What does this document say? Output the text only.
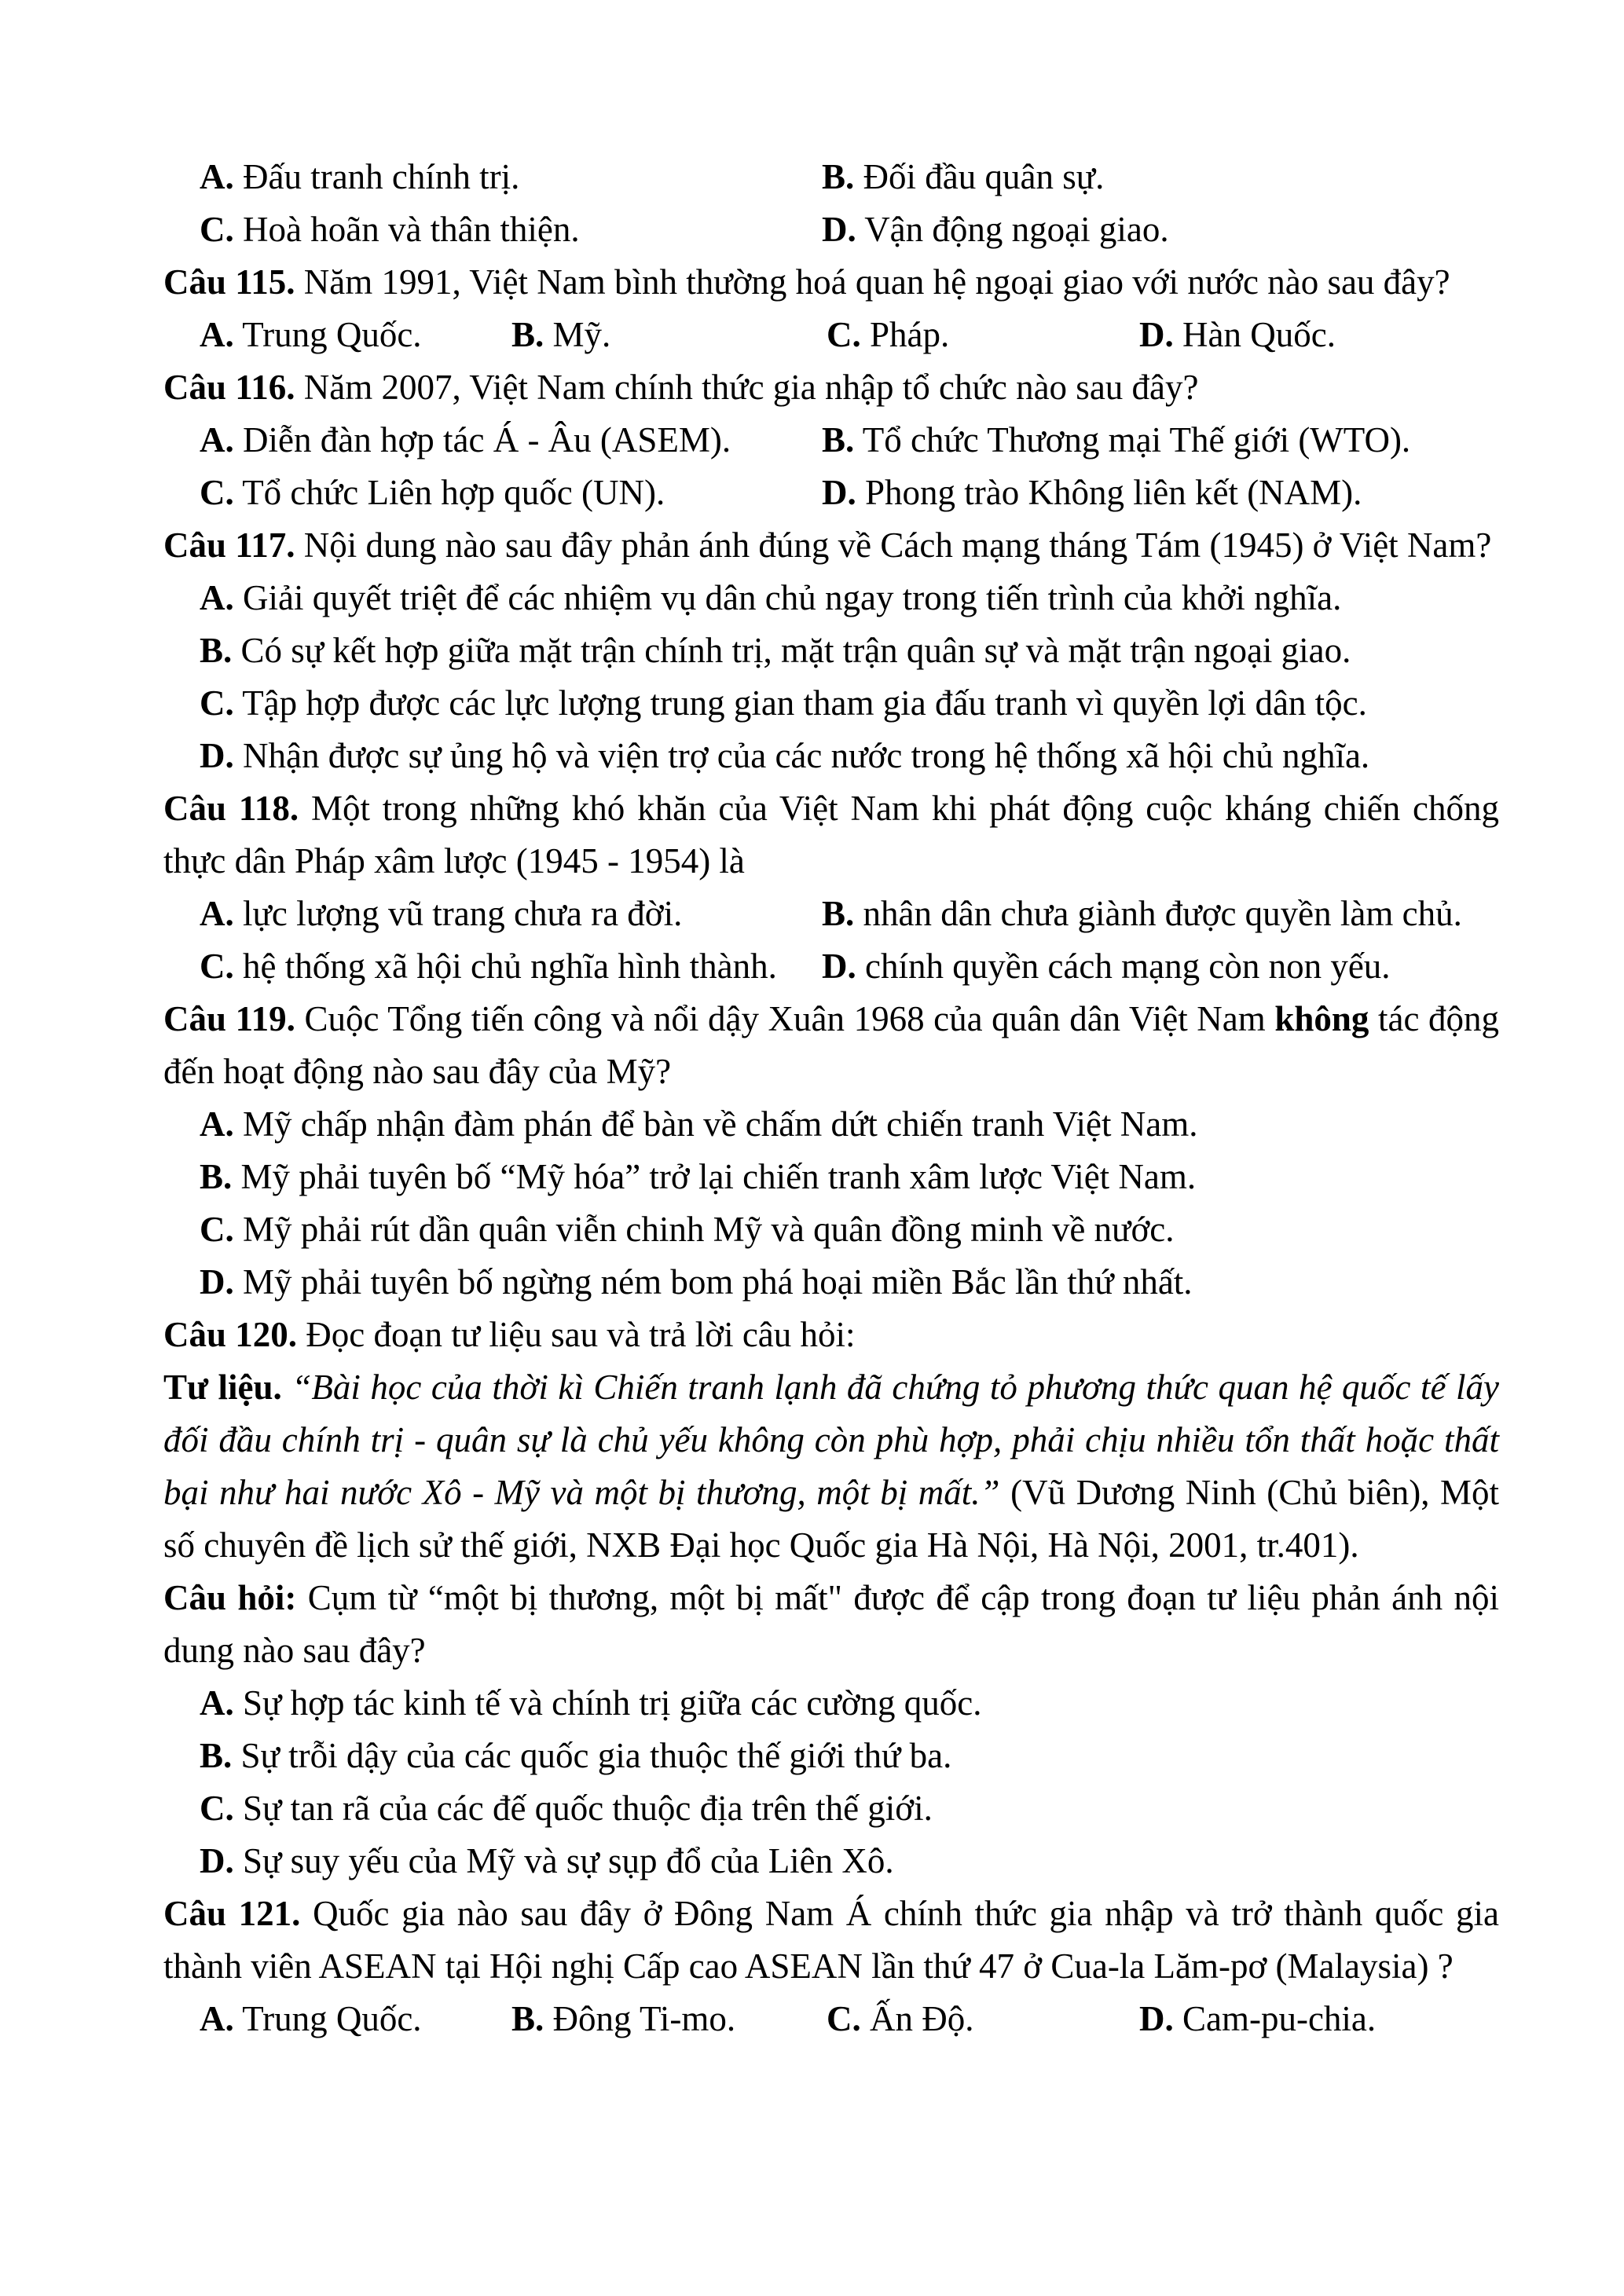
A. Đấu tranh chính trị.	B. Đối đầu quân sự.
C. Hoà hoãn và thân thiện.	D. Vận động ngoại giao.

Câu 115. Năm 1991, Việt Nam bình thường hoá quan hệ ngoại giao với nước nào sau đây?

A. Trung Quốc.	B. Mỹ.	C. Pháp.	D. Hàn Quốc.

Câu 116. Năm 2007, Việt Nam chính thức gia nhập tổ chức nào sau đây?

A. Diễn đàn hợp tác Á - Âu (ASEM).	B. Tổ chức Thương mại Thế giới (WTO).
C. Tổ chức Liên hợp quốc (UN).	D. Phong trào Không liên kết (NAM).

Câu 117. Nội dung nào sau đây phản ánh đúng về Cách mạng tháng Tám (1945) ở Việt Nam?

A. Giải quyết triệt để các nhiệm vụ dân chủ ngay trong tiến trình của khởi nghĩa.

B. Có sự kết hợp giữa mặt trận chính trị, mặt trận quân sự và mặt trận ngoại giao.

C. Tập hợp được các lực lượng trung gian tham gia đấu tranh vì quyền lợi dân tộc.

D. Nhận được sự ủng hộ và viện trợ của các nước trong hệ thống xã hội chủ nghĩa.

Câu 118. Một trong những khó khăn của Việt Nam khi phát động cuộc kháng chiến chống thực dân Pháp xâm lược (1945 - 1954) là

A. lực lượng vũ trang chưa ra đời.	B. nhân dân chưa giành được quyền làm chủ.
C. hệ thống xã hội chủ nghĩa hình thành.	D. chính quyền cách mạng còn non yếu.

Câu 119. Cuộc Tổng tiến công và nổi dậy Xuân 1968 của quân dân Việt Nam không tác động đến hoạt động nào sau đây của Mỹ?

A. Mỹ chấp nhận đàm phán để bàn về chấm dứt chiến tranh Việt Nam.

B. Mỹ phải tuyên bố “Mỹ hóa” trở lại chiến tranh xâm lược Việt Nam.

C. Mỹ phải rút dần quân viễn chinh Mỹ và quân đồng minh về nước.

D. Mỹ phải tuyên bố ngừng ném bom phá hoại miền Bắc lần thứ nhất.

Câu 120. Đọc đoạn tư liệu sau và trả lời câu hỏi:

Tư liệu. “Bài học của thời kì Chiến tranh lạnh đã chứng tỏ phương thức quan hệ quốc tế lấy đối đầu chính trị - quân sự là chủ yếu không còn phù hợp, phải chịu nhiều tổn thất hoặc thất bại như hai nước Xô - Mỹ và một bị thương, một bị mất.” (Vũ Dương Ninh (Chủ biên), Một số chuyên đề lịch sử thế giới, NXB Đại học Quốc gia Hà Nội, Hà Nội, 2001, tr.401).

Câu hỏi: Cụm từ “một bị thương, một bị mất" được để cập trong đoạn tư liệu phản ánh nội dung nào sau đây?

A. Sự hợp tác kinh tế và chính trị giữa các cường quốc.

B. Sự trỗi dậy của các quốc gia thuộc thế giới thứ ba.

C. Sự tan rã của các đế quốc thuộc địa trên thế giới.

D. Sự suy yếu của Mỹ và sự sụp đổ của Liên Xô.

Câu 121. Quốc gia nào sau đây ở Đông Nam Á chính thức gia nhập và trở thành quốc gia thành viên ASEAN tại Hội nghị Cấp cao ASEAN lần thứ 47 ở Cua-la Lăm-pơ (Malaysia) ?

A. Trung Quốc.	B. Đông Ti-mo.	C. Ấn Độ.	D. Cam-pu-chia.
